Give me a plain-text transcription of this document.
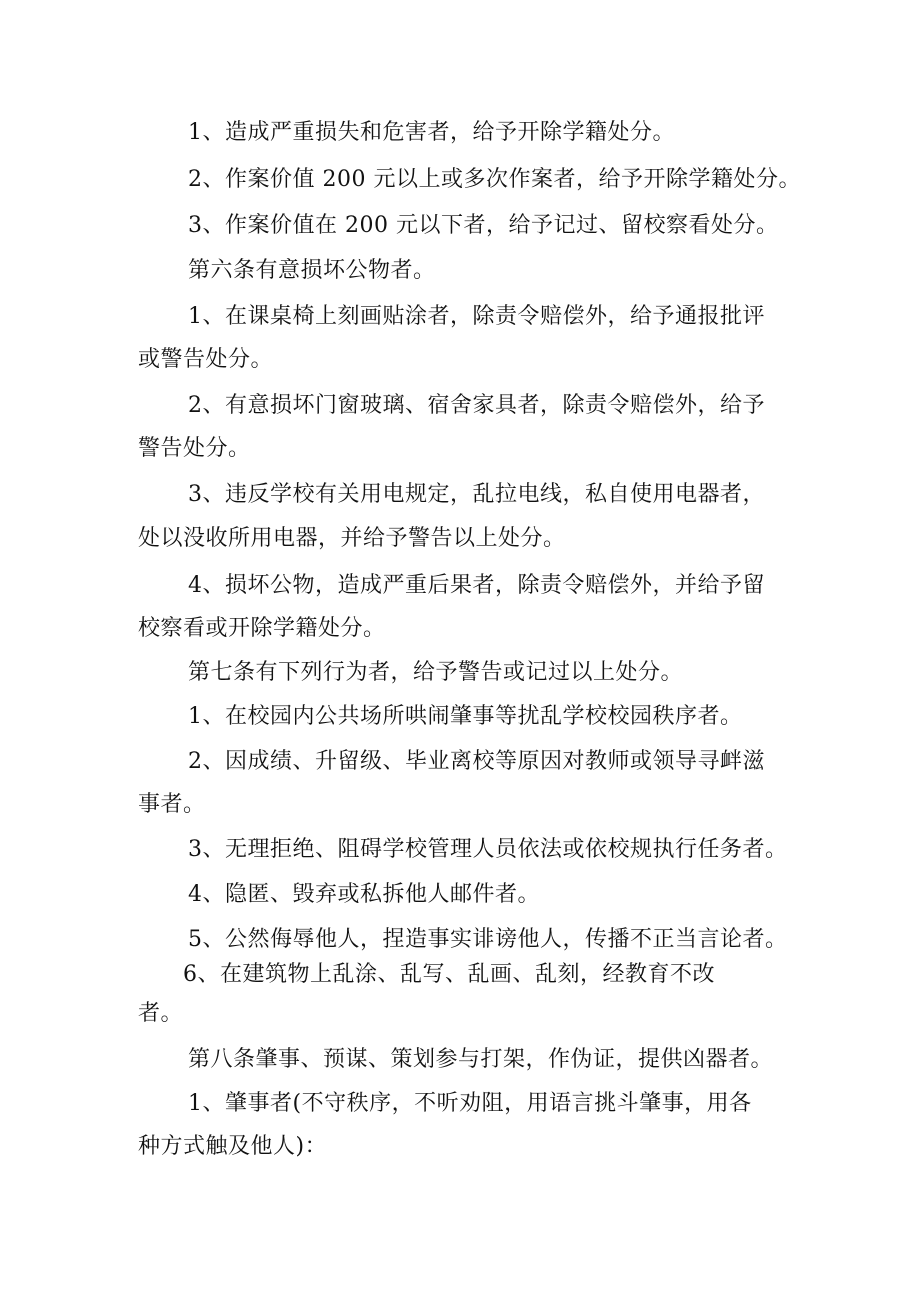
1、造成严重损失和危害者，给予开除学籍处分。
2、作案价值 200 元以上或多次作案者，给予开除学籍处分。
3、作案价值在 200 元以下者，给予记过、留校察看处分。
第六条有意损坏公物者。
1、在课桌椅上刻画贴涂者，除责令赔偿外，给予通报批评
或警告处分。
2、有意损坏门窗玻璃、宿舍家具者，除责令赔偿外，给予
警告处分。
3、违反学校有关用电规定，乱拉电线，私自使用电器者，
处以没收所用电器，并给予警告以上处分。
4、损坏公物，造成严重后果者，除责令赔偿外，并给予留
校察看或开除学籍处分。
第七条有下列行为者，给予警告或记过以上处分。
1、在校园内公共场所哄闹肇事等扰乱学校校园秩序者。
2、因成绩、升留级、毕业离校等原因对教师或领导寻衅滋
事者。
3、无理拒绝、阻碍学校管理人员依法或依校规执行任务者。
4、隐匿、毁弃或私拆他人邮件者。
5、公然侮辱他人，捏造事实诽谤他人，传播不正当言论者。
6、在建筑物上乱涂、乱写、乱画、乱刻，经教育不改
者。
第八条肇事、预谋、策划参与打架，作伪证，提供凶器者。
1、肇事者(不守秩序，不听劝阻，用语言挑斗肇事，用各
种方式触及他人)：
